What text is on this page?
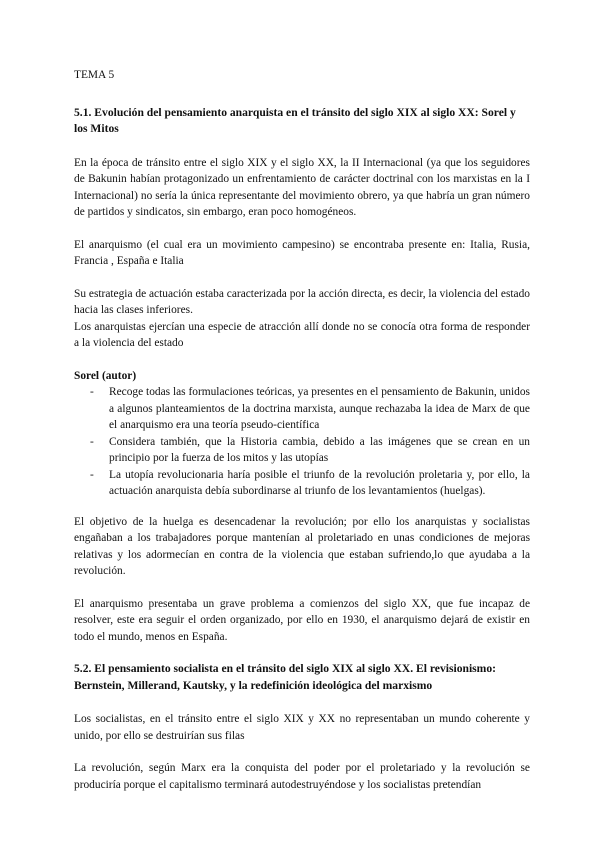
TEMA 5
5.1. Evolución del pensamiento anarquista en el tránsito del siglo XIX al siglo XX: Sorel y los Mitos

En la época de tránsito entre el siglo XIX y el siglo XX, la II Internacional (ya que los seguidores de Bakunin habían protagonizado un enfrentamiento de carácter doctrinal con los marxistas en la I Internacional) no sería la única representante del movimiento obrero, ya que habría un gran número de partidos y sindicatos, sin embargo, eran poco homogéneos.

El anarquismo (el cual era un movimiento campesino) se encontraba presente en: Italia, Rusia, Francia , España e Italia

Su estrategia de actuación estaba caracterizada por la acción directa, es decir, la violencia del estado hacia las clases inferiores.

Los anarquistas ejercían una especie de atracción allí donde no se conocía otra forma de responder a la violencia del estado

Sorel (autor)
- Recoge todas las formulaciones teóricas, ya presentes en el pensamiento de Bakunin, unidos a algunos planteamientos de la doctrina marxista, aunque rechazaba la idea de Marx de que el anarquismo era una teoría pseudo-científica
- Considera también, que la Historia cambia, debido a las imágenes que se crean en un principio por la fuerza de los mitos y las utopías
- La utopía revolucionaria haría posible el triunfo de la revolución proletaria y, por ello, la actuación anarquista debía subordinarse al triunfo de los levantamientos (huelgas).

El objetivo de la huelga es desencadenar la revolución; por ello los anarquistas y socialistas engañaban a los trabajadores porque mantenían al proletariado en unas condiciones de mejoras relativas y los adormecían en contra de la violencia que estaban sufriendo,lo que ayudaba a la revolución.

El anarquismo presentaba un grave problema a comienzos del siglo XX, que fue incapaz de resolver, este era seguir el orden organizado, por ello en 1930, el anarquismo dejará de existir en todo el mundo, menos en España.

5.2. El pensamiento socialista en el tránsito del siglo XIX al siglo XX. El revisionismo: Bernstein, Millerand, Kautsky, y la redefinición ideológica del marxismo

Los socialistas, en el tránsito entre el siglo XIX y XX no representaban un mundo coherente y unido, por ello se destruirían sus filas

La revolución, según Marx era la conquista del poder por el proletariado y la revolución se produciría porque el capitalismo terminará autodestruyéndose y los socialistas pretendían
